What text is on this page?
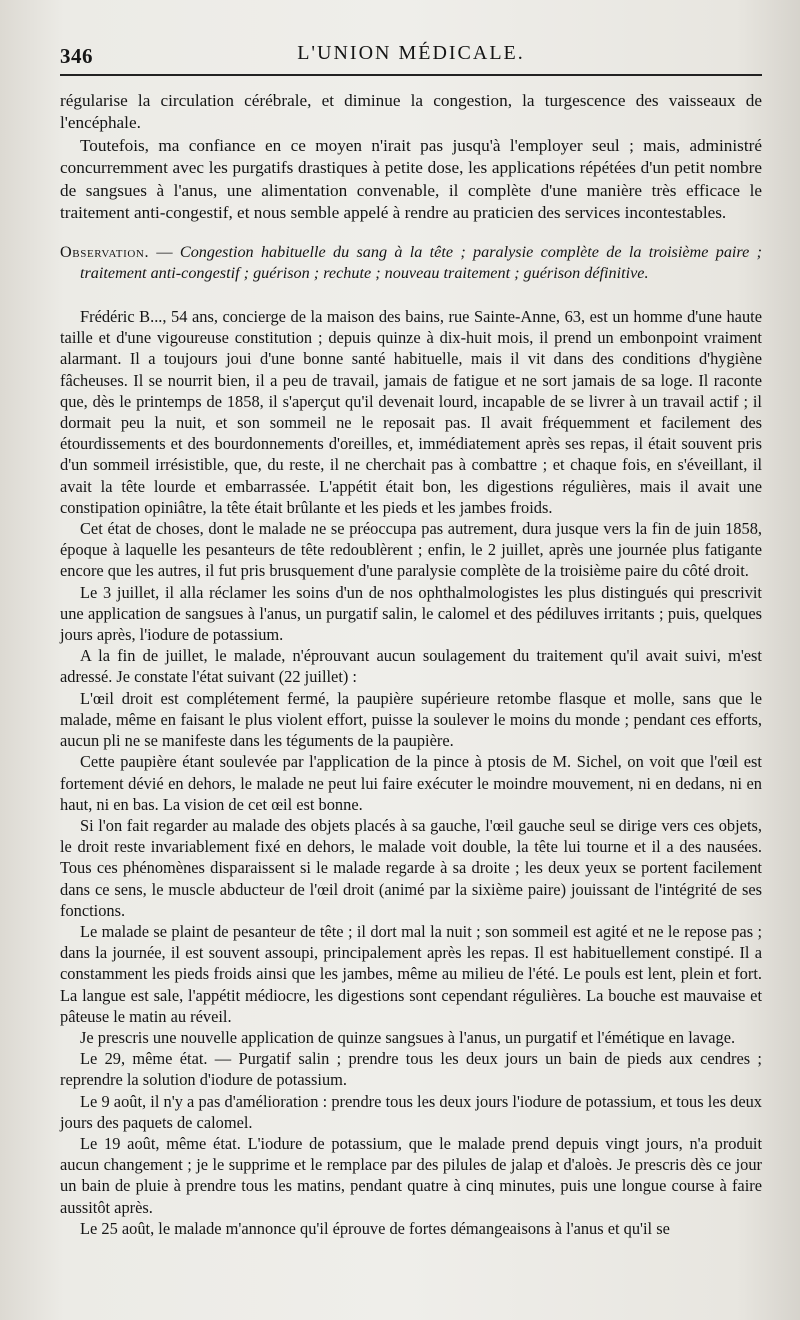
346	L'UNION MÉDICALE.

régularise la circulation cérébrale, et diminue la congestion, la turgescence des vaisseaux de l'encéphale.

Toutefois, ma confiance en ce moyen n'irait pas jusqu'à l'employer seul ; mais, administré concurremment avec les purgatifs drastiques à petite dose, les applications répétées d'un petit nombre de sangsues à l'anus, une alimentation convenable, il complète d'une manière très efficace le traitement anti-congestif, et nous semble appelé à rendre au praticien des services incontestables.

Observation. — Congestion habituelle du sang à la tête ; paralysie complète de la troisième paire ; traitement anti-congestif ; guérison ; rechute ; nouveau traitement ; guérison définitive.

Frédéric B..., 54 ans, concierge de la maison des bains, rue Sainte-Anne, 63, est un homme d'une haute taille et d'une vigoureuse constitution ; depuis quinze à dix-huit mois, il prend un embonpoint vraiment alarmant. Il a toujours joui d'une bonne santé habituelle, mais il vit dans des conditions d'hygiène fâcheuses. Il se nourrit bien, il a peu de travail, jamais de fatigue et ne sort jamais de sa loge. Il raconte que, dès le printemps de 1858, il s'aperçut qu'il devenait lourd, incapable de se livrer à un travail actif ; il dormait peu la nuit, et son sommeil ne le reposait pas. Il avait fréquemment et facilement des étourdissements et des bourdonnements d'oreilles, et, immédiatement après ses repas, il était souvent pris d'un sommeil irrésistible, que, du reste, il ne cherchait pas à combattre ; et chaque fois, en s'éveillant, il avait la tête lourde et embarrassée. L'appétit était bon, les digestions régulières, mais il avait une constipation opiniâtre, la tête était brûlante et les pieds et les jambes froids.

Cet état de choses, dont le malade ne se préoccupa pas autrement, dura jusque vers la fin de juin 1858, époque à laquelle les pesanteurs de tête redoublèrent ; enfin, le 2 juillet, après une journée plus fatigante encore que les autres, il fut pris brusquement d'une paralysie complète de la troisième paire du côté droit.

Le 3 juillet, il alla réclamer les soins d'un de nos ophthalmologistes les plus distingués qui prescrivit une application de sangsues à l'anus, un purgatif salin, le calomel et des pédiluves irritants ; puis, quelques jours après, l'iodure de potassium.

A la fin de juillet, le malade, n'éprouvant aucun soulagement du traitement qu'il avait suivi, m'est adressé. Je constate l'état suivant (22 juillet) :

L'œil droit est complétement fermé, la paupière supérieure retombe flasque et molle, sans que le malade, même en faisant le plus violent effort, puisse la soulever le moins du monde ; pendant ces efforts, aucun pli ne se manifeste dans les téguments de la paupière.

Cette paupière étant soulevée par l'application de la pince à ptosis de M. Sichel, on voit que l'œil est fortement dévié en dehors, le malade ne peut lui faire exécuter le moindre mouvement, ni en dedans, ni en haut, ni en bas. La vision de cet œil est bonne.

Si l'on fait regarder au malade des objets placés à sa gauche, l'œil gauche seul se dirige vers ces objets, le droit reste invariablement fixé en dehors, le malade voit double, la tête lui tourne et il a des nausées. Tous ces phénomènes disparaissent si le malade regarde à sa droite ; les deux yeux se portent facilement dans ce sens, le muscle abducteur de l'œil droit (animé par la sixième paire) jouissant de l'intégrité de ses fonctions.

Le malade se plaint de pesanteur de tête ; il dort mal la nuit ; son sommeil est agité et ne le repose pas ; dans la journée, il est souvent assoupi, principalement après les repas. Il est habituellement constipé. Il a constamment les pieds froids ainsi que les jambes, même au milieu de l'été. Le pouls est lent, plein et fort. La langue est sale, l'appétit médiocre, les digestions sont cependant régulières. La bouche est mauvaise et pâteuse le matin au réveil.

Je prescris une nouvelle application de quinze sangsues à l'anus, un purgatif et l'émétique en lavage.

Le 29, même état. — Purgatif salin ; prendre tous les deux jours un bain de pieds aux cendres ; reprendre la solution d'iodure de potassium.

Le 9 août, il n'y a pas d'amélioration : prendre tous les deux jours l'iodure de potassium, et tous les deux jours des paquets de calomel.

Le 19 août, même état. L'iodure de potassium, que le malade prend depuis vingt jours, n'a produit aucun changement ; je le supprime et le remplace par des pilules de jalap et d'aloès. Je prescris dès ce jour un bain de pluie à prendre tous les matins, pendant quatre à cinq minutes, puis une longue course à faire aussitôt après.

Le 25 août, le malade m'annonce qu'il éprouve de fortes démangeaisons à l'anus et qu'il se
